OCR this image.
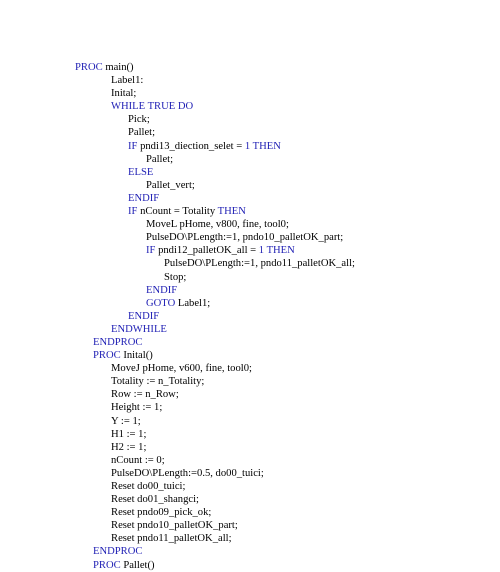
PROC main()
Label1:
Inital;
WHILE TRUE DO
Pick;
Pallet;
IF pndi13_diection_selet = 1 THEN
Pallet;
ELSE
Pallet_vert;
ENDIF
IF nCount = Totality THEN
MoveL pHome, v800, fine, tool0;
PulseDO\PLength:=1, pndo10_palletOK_part;
IF pndi12_palletOK_all = 1 THEN
PulseDO\PLength:=1, pndo11_palletOK_all;
Stop;
ENDIF
GOTO Label1;
ENDIF
ENDWHILE
ENDPROC
PROC Inital()
MoveJ pHome, v600, fine, tool0;
Totality := n_Totality;
Row := n_Row;
Height := 1;
Y := 1;
H1 := 1;
H2 := 1;
nCount := 0;
PulseDO\PLength:=0.5, do00_tuici;
Reset do00_tuici;
Reset do01_shangci;
Reset pndo09_pick_ok;
Reset pndo10_palletOK_part;
Reset pndo11_palletOK_all;
ENDPROC
PROC Pallet()
